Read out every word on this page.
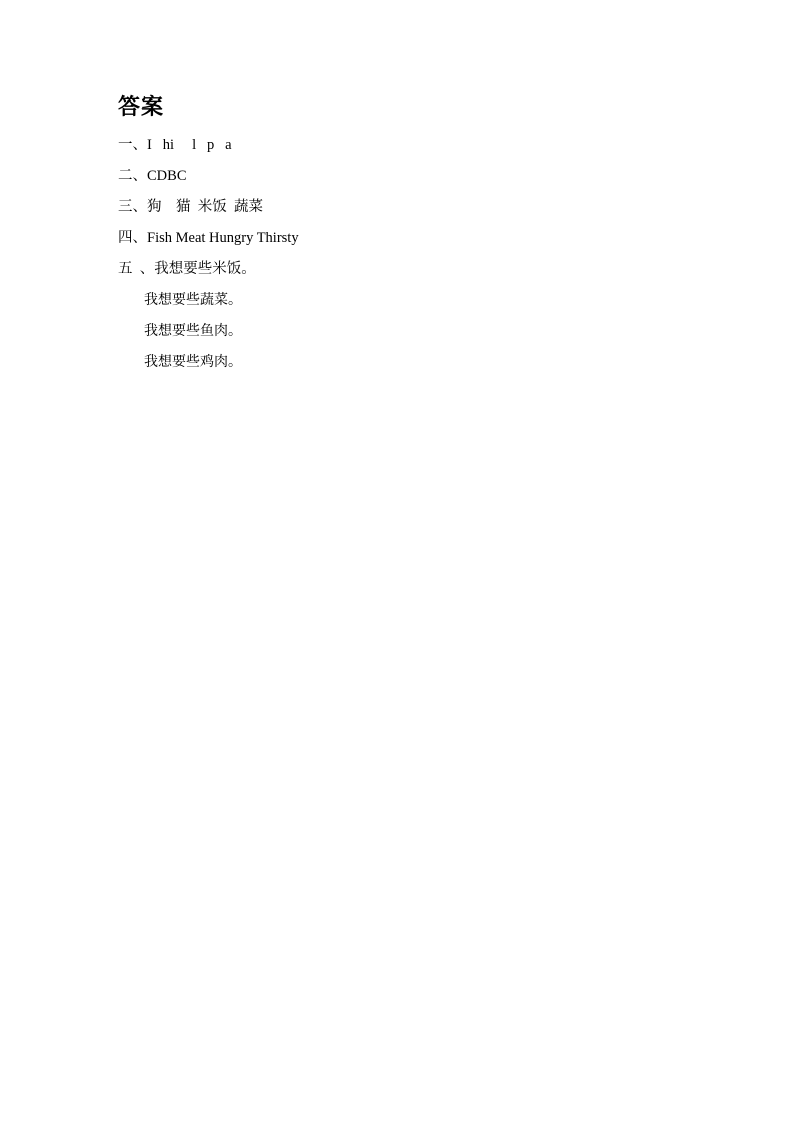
答案

一、I   hi     l   p   a

二、CDBC

三、狗    猫  米饭  蔬菜

四、Fish Meat Hungry Thirsty

五  、我想要些米饭。

我想要些蔬菜。

我想要些鱼肉。

我想要些鸡肉。
